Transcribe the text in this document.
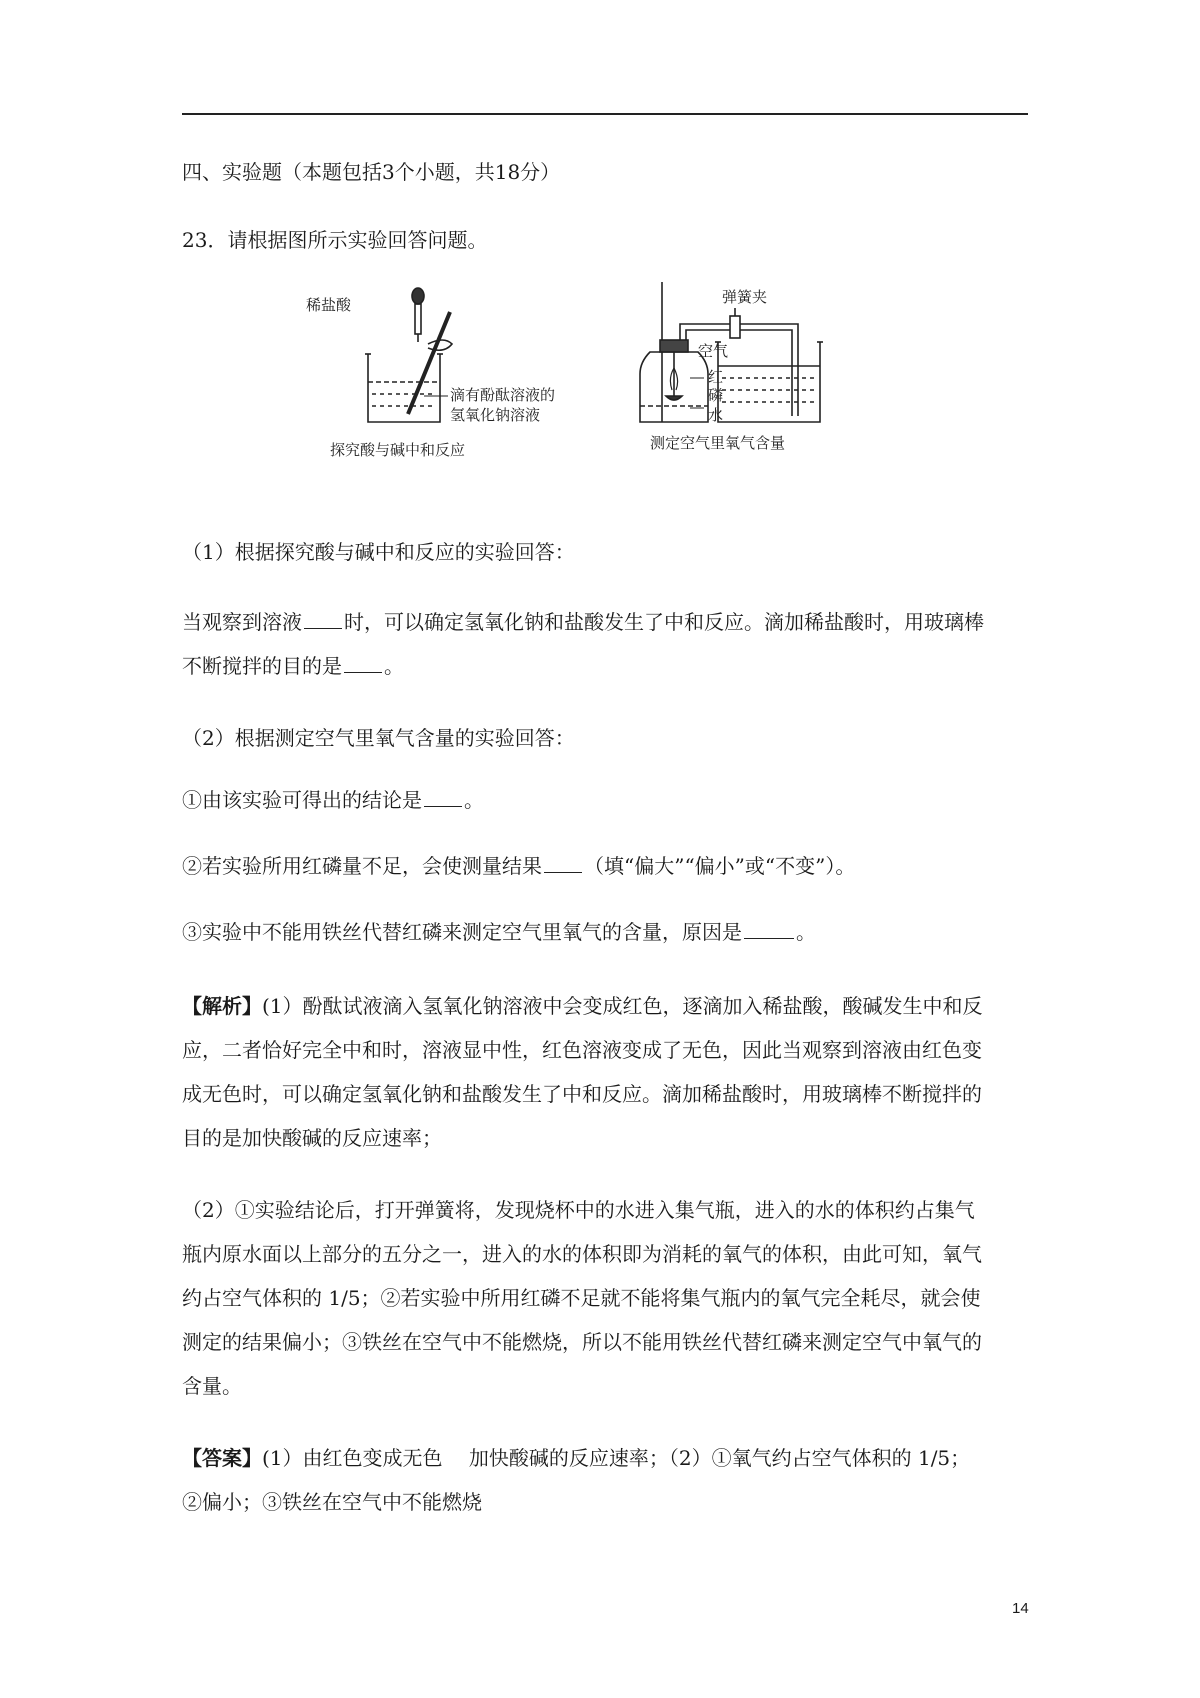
四、实验题（本题包括3个小题，共18分）
23．请根据图所示实验回答问题。
稀盐酸
滴有酚酞溶液的
氢氧化钠溶液
探究酸与碱中和反应
弹簧夹
空气
红
磷
水
测定空气里氧气含量
（1）根据探究酸与碱中和反应的实验回答：
当观察到溶液 时，可以确定氢氧化钠和盐酸发生了中和反应。滴加稀盐酸时，用玻璃棒
不断搅拌的目的是 。
（2）根据测定空气里氧气含量的实验回答：
①由该实验可得出的结论是 。
②若实验所用红磷量不足，会使测量结果 （填“偏大”“偏小”或“不变”）。
③实验中不能用铁丝代替红磷来测定空气里氧气的含量，原因是	。
【解析】(1）酚酞试液滴入氢氧化钠溶液中会变成红色，逐滴加入稀盐酸，酸碱发生中和反
应，二者恰好完全中和时，溶液显中性，红色溶液变成了无色，因此当观察到溶液由红色变
成无色时，可以确定氢氧化钠和盐酸发生了中和反应。滴加稀盐酸时，用玻璃棒不断搅拌的
目的是加快酸碱的反应速率；
（2）①实验结论后，打开弹簧将，发现烧杯中的水进入集气瓶，进入的水的体积约占集气
瓶内原水面以上部分的五分之一，进入的水的体积即为消耗的氧气的体积，由此可知，氧气
约占空气体积的 1/5；②若实验中所用红磷不足就不能将集气瓶内的氧气完全耗尽，就会使
测定的结果偏小；③铁丝在空气中不能燃烧，所以不能用铁丝代替红磷来测定空气中氧气的
含量。
【答案】(1）由红色变成无色　 加快酸碱的反应速率；（2）①氧气约占空气体积的 1/5；
②偏小；③铁丝在空气中不能燃烧
14
